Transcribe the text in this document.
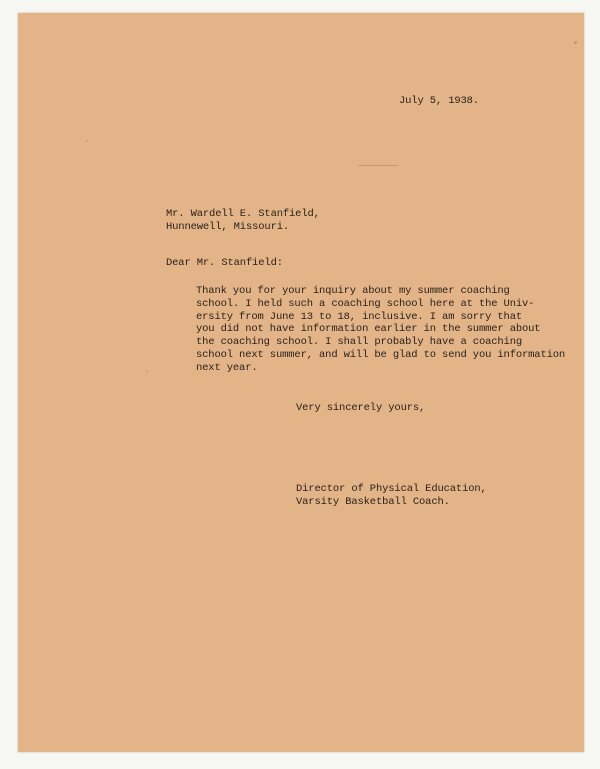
July 5, 1938.
Mr. Wardell E. Stanfield,
Hunnewell, Missouri.
Dear Mr. Stanfield:
Thank you for your inquiry about my summer coaching
school. I held such a coaching school here at the Univ-
ersity from June 13 to 18, inclusive. I am sorry that
you did not have information earlier in the summer about
the coaching school. I shall probably have a coaching
school next summer, and will be glad to send you information
next year.
Very sincerely yours,
Director of Physical Education,
Varsity Basketball Coach.
